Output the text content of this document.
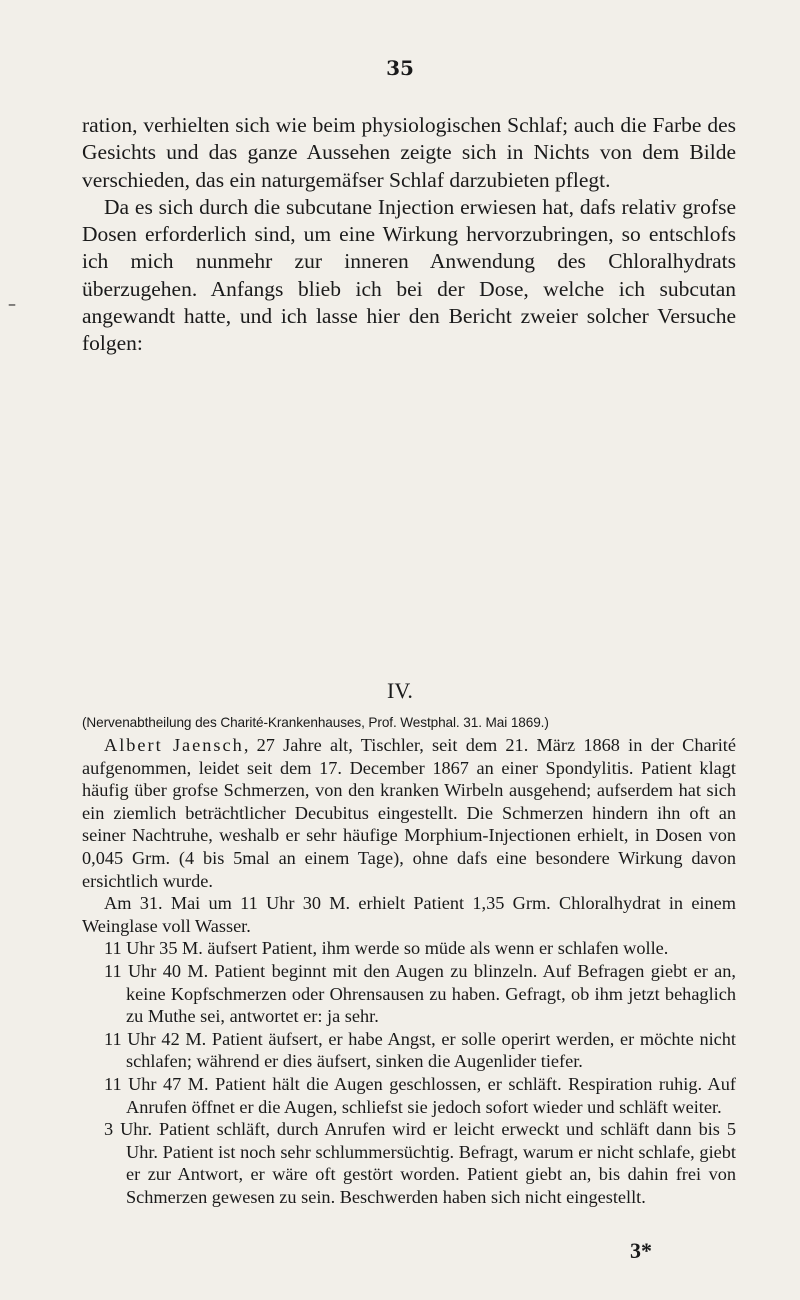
35
–

ration, verhielten sich wie beim physiologischen Schlaf; auch die Farbe des Gesichts und das ganze Aussehen zeigte sich in Nichts von dem Bilde verschieden, das ein naturgemäfser Schlaf darzubieten pflegt.

Da es sich durch die subcutane Injection erwiesen hat, dafs relativ grofse Dosen erforderlich sind, um eine Wirkung hervorzubringen, so entschlofs ich mich nunmehr zur inneren Anwendung des Chloralhydrats überzugehen. Anfangs blieb ich bei der Dose, welche ich subcutan angewandt hatte, und ich lasse hier den Bericht zweier solcher Versuche folgen:

IV.

(Nervenabtheilung des Charité-Krankenhauses, Prof. Westphal. 31. Mai 1869.)

Albert Jaensch, 27 Jahre alt, Tischler, seit dem 21. März 1868 in der Charité aufgenommen, leidet seit dem 17. December 1867 an einer Spondylitis. Patient klagt häufig über grofse Schmerzen, von den kranken Wirbeln ausgehend; aufserdem hat sich ein ziemlich beträchtlicher Decubitus eingestellt. Die Schmerzen hindern ihn oft an seiner Nachtruhe, weshalb er sehr häufige Morphium-Injectionen erhielt, in Dosen von 0,045 Grm. (4 bis 5mal an einem Tage), ohne dafs eine besondere Wirkung davon ersichtlich wurde.

Am 31. Mai um 11 Uhr 30 M. erhielt Patient 1,35 Grm. Chloralhydrat in einem Weinglase voll Wasser.

11 Uhr 35 M. äufsert Patient, ihm werde so müde als wenn er schlafen wolle.

11 Uhr 40 M. Patient beginnt mit den Augen zu blinzeln. Auf Befragen giebt er an, keine Kopfschmerzen oder Ohrensausen zu haben. Gefragt, ob ihm jetzt behaglich zu Muthe sei, antwortet er: ja sehr.

11 Uhr 42 M. Patient äufsert, er habe Angst, er solle operirt werden, er möchte nicht schlafen; während er dies äufsert, sinken die Augenlider tiefer.

11 Uhr 47 M. Patient hält die Augen geschlossen, er schläft. Respiration ruhig. Auf Anrufen öffnet er die Augen, schliefst sie jedoch sofort wieder und schläft weiter.

3 Uhr. Patient schläft, durch Anrufen wird er leicht erweckt und schläft dann bis 5 Uhr. Patient ist noch sehr schlummersüchtig. Befragt, warum er nicht schlafe, giebt er zur Antwort, er wäre oft gestört worden. Patient giebt an, bis dahin frei von Schmerzen gewesen zu sein. Beschwerden haben sich nicht eingestellt.

3*
